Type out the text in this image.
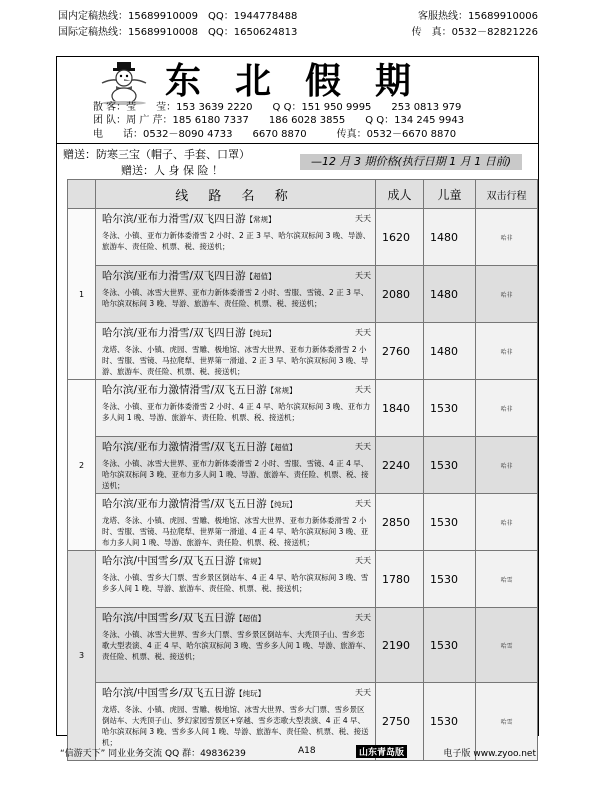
国内定稿热线：15689910009　QQ：1944778488
国际定稿热线：15689910008　QQ：1650624813
客服热线：15689910006
传　真：0532－82821226
东北假期
散 客：莹　　莹：153 3639 2220　　Q Q：151 950 9995　　253 0813 979
团 队：周 广 芹：185 6180 7337　　186 6028 3855　　Q Q：134 245 9943
电　　话：0532－8090 4733　　6670 8870　　　传真：0532－6670 8870
赠送：防寒三宝（帽子、手套、口罩）
赠送：人 身 保 险 ！
—12 月 3 期价格(执行日期 1 月 1 日前)
	线 路 名 称	成人	儿童	双击行程
1	哈尔滨/亚布力滑雪/双飞四日游【常规】 天天
冬泳、小镇、亚布力新体委滑雪 2 小时、2 正 3 早、哈尔滨双标间 3 晚、导游、旅游车、责任险、机票、税、接送机；	1620	1480	哈非

	哈尔滨/亚布力滑雪/双飞四日游【超值】 天天
冬泳、小镇、冰雪大世界、亚布力新体委滑雪 2 小时、雪服、雪镜、2 正 3 早、哈尔滨双标间 3 晚、导游、旅游车、责任险、机票、税、接送机；	2080	1480	哈非

	哈尔滨/亚布力滑雪/双飞四日游【纯玩】 天天
龙塔、冬泳、小镇、虎园、雪雕、极地馆、冰雪大世界、亚布力新体委滑雪 2 小时、雪服、雪镜、马拉爬犁、世界第一滑道、2 正 3 早、哈尔滨双标间 3 晚、导游、旅游车、责任险、机票、税、接送机；	2760	1480	哈非
2	哈尔滨/亚布力激情滑雪/双飞五日游【常规】 天天
冬泳、小镇、亚布力新体委滑雪 2 小时、4 正 4 早、哈尔滨双标间 3 晚、亚布力多人间 1 晚、导游、旅游车、责任险、机票、税、接送机；	1840	1530	哈非

	哈尔滨/亚布力激情滑雪/双飞五日游【超值】 天天
冬泳、小镇、冰雪大世界、亚布力新体委滑雪 2 小时、雪服、雪镜、4 正 4 早、哈尔滨双标间 3 晚、亚布力多人间 1 晚、导游、旅游车、责任险、机票、税、接送机；	2240	1530	哈非

	哈尔滨/亚布力激情滑雪/双飞五日游【纯玩】 天天
龙塔、冬泳、小镇、虎园、雪雕、极地馆、冰雪大世界、亚布力新体委滑雪 2 小时、雪服、雪镜、马拉爬犁、世界第一滑道、4 正 4 早、哈尔滨双标间 3 晚、亚布力多人间 1 晚、导游、旅游车、责任险、机票、税、接送机；	2850	1530	哈非
3	哈尔滨/中国雪乡/双飞五日游【常规】 天天
冬泳、小镇、雪乡大门票、雪乡景区倒站车、4 正 4 早、哈尔滨双标间 3 晚、雪乡多人间 1 晚、导游、旅游车、责任险、机票、税、接送机；	1780	1530	哈雪

	哈尔滨/中国雪乡/双飞五日游【超值】 天天
冬泳、小镇、冰雪大世界、雪乡大门票、雪乡景区倒站车、大秃顶子山、雪乡恋歌大型表演、4 正 4 早、哈尔滨双标间 3 晚、雪乡多人间 1 晚、导游、旅游车、责任险、机票、税、接送机；	2190	1530	哈雪

	哈尔滨/中国雪乡/双飞五日游【纯玩】 天天
龙塔、冬泳、小镇、虎园、雪雕、极地馆、冰雪大世界、雪乡大门票、雪乡景区倒站车、大秃顶子山、梦幻家园雪景区+穿越、雪乡恋歌大型表演、4 正 4 早、哈尔滨双标间 3 晚、雪乡多人间 1 晚、导游、旅游车、责任险、机票、税、接送机；	2750	1530	哈雪
“信游天下” 同业业务交流 QQ 群：49836239	A18	山东青岛版	电子版 www.zyoo.net
